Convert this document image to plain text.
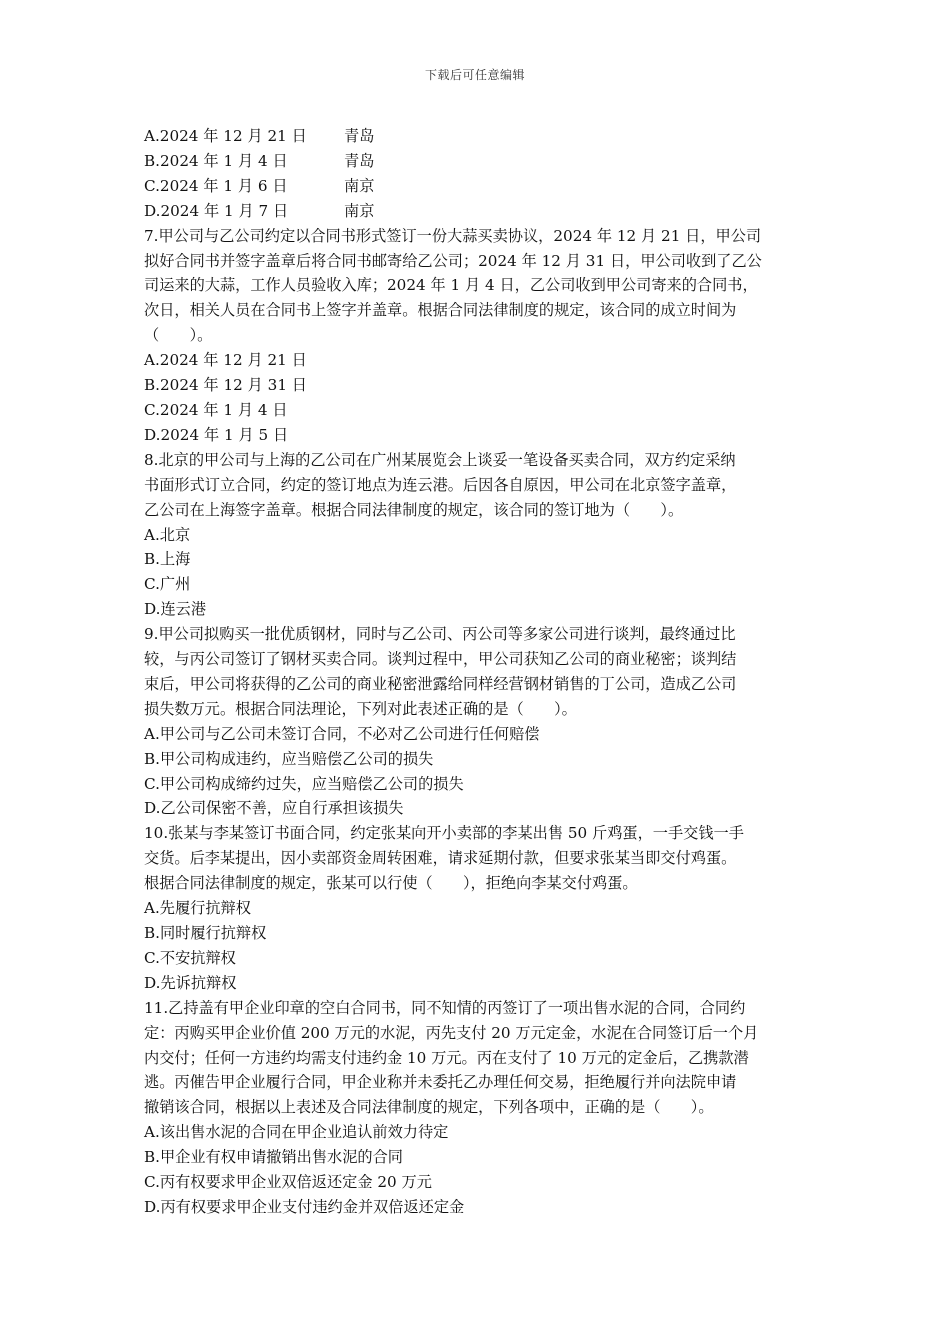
下载后可任意编辑
A.2024 年 12 月 21 日	青岛
B.2024 年 1 月 4 日	青岛
C.2024 年 1 月 6 日	南京
D.2024 年 1 月 7 日	南京
7.甲公司与乙公司约定以合同书形式签订一份大蒜买卖协议，2024 年 12 月 21 日，甲公司
拟好合同书并签字盖章后将合同书邮寄给乙公司；2024 年 12 月 31 日，甲公司收到了乙公
司运来的大蒜，工作人员验收入库；2024 年 1 月 4 日，乙公司收到甲公司寄来的合同书，
次日，相关人员在合同书上签字并盖章。根据合同法律制度的规定，该合同的成立时间为
（　　）。
A.2024 年 12 月 21 日
B.2024 年 12 月 31 日
C.2024 年 1 月 4 日
D.2024 年 1 月 5 日
8.北京的甲公司与上海的乙公司在广州某展览会上谈妥一笔设备买卖合同，双方约定采纳
书面形式订立合同，约定的签订地点为连云港。后因各自原因，甲公司在北京签字盖章，
乙公司在上海签字盖章。根据合同法律制度的规定，该合同的签订地为（　　）。
A.北京
B.上海
C.广州
D.连云港
9.甲公司拟购买一批优质钢材，同时与乙公司、丙公司等多家公司进行谈判，最终通过比
较，与丙公司签订了钢材买卖合同。谈判过程中，甲公司获知乙公司的商业秘密；谈判结
束后，甲公司将获得的乙公司的商业秘密泄露给同样经营钢材销售的丁公司，造成乙公司
损失数万元。根据合同法理论，下列对此表述正确的是（　　）。
A.甲公司与乙公司未签订合同，不必对乙公司进行任何赔偿
B.甲公司构成违约，应当赔偿乙公司的损失
C.甲公司构成缔约过失，应当赔偿乙公司的损失
D.乙公司保密不善，应自行承担该损失
10.张某与李某签订书面合同，约定张某向开小卖部的李某出售 50 斤鸡蛋，一手交钱一手
交货。后李某提出，因小卖部资金周转困难，请求延期付款，但要求张某当即交付鸡蛋。
根据合同法律制度的规定，张某可以行使（　　），拒绝向李某交付鸡蛋。
A.先履行抗辩权
B.同时履行抗辩权
C.不安抗辩权
D.先诉抗辩权
11.乙持盖有甲企业印章的空白合同书，同不知情的丙签订了一项出售水泥的合同，合同约
定：丙购买甲企业价值 200 万元的水泥，丙先支付 20 万元定金，水泥在合同签订后一个月
内交付；任何一方违约均需支付违约金 10 万元。丙在支付了 10 万元的定金后，乙携款潜
逃。丙催告甲企业履行合同，甲企业称并未委托乙办理任何交易，拒绝履行并向法院申请
撤销该合同，根据以上表述及合同法律制度的规定，下列各项中，正确的是（　　）。
A.该出售水泥的合同在甲企业追认前效力待定
B.甲企业有权申请撤销出售水泥的合同
C.丙有权要求甲企业双倍返还定金 20 万元
D.丙有权要求甲企业支付违约金并双倍返还定金
